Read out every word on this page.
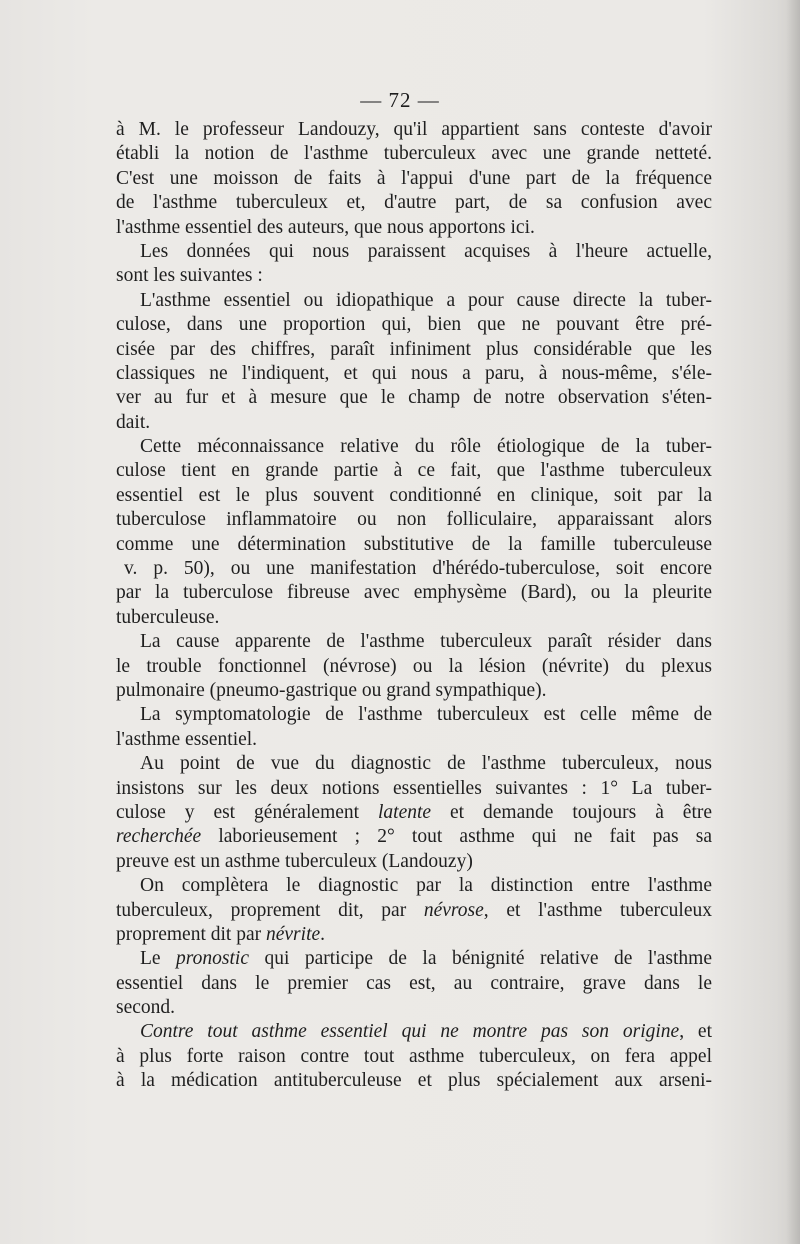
— 72 —
à M. le professeur Landouzy, qu'il appartient sans conteste d'avoir
établi la notion de l'asthme tuberculeux avec une grande netteté.
C'est une moisson de faits à l'appui d'une part de la fréquence
de l'asthme tuberculeux et, d'autre part, de sa confusion avec
l'asthme essentiel des auteurs, que nous apportons ici.
Les données qui nous paraissent acquises à l'heure actuelle,
sont les suivantes :
L'asthme essentiel ou idiopathique a pour cause directe la tuber-
culose, dans une proportion qui, bien que ne pouvant être pré-
cisée par des chiffres, paraît infiniment plus considérable que les
classiques ne l'indiquent, et qui nous a paru, à nous-même, s'éle-
ver au fur et à mesure que le champ de notre observation s'éten-
dait.
Cette méconnaissance relative du rôle étiologique de la tuber-
culose tient en grande partie à ce fait, que l'asthme tuberculeux
essentiel est le plus souvent conditionné en clinique, soit par la
tuberculose inflammatoire ou non folliculaire, apparaissant alors
comme une détermination substitutive de la famille tuberculeuse
v. p. 50), ou une manifestation d'hérédo-tuberculose, soit encore
par la tuberculose fibreuse avec emphysème (Bard), ou la pleurite
tuberculeuse.
La cause apparente de l'asthme tuberculeux paraît résider dans
le trouble fonctionnel (névrose) ou la lésion (névrite) du plexus
pulmonaire (pneumo-gastrique ou grand sympathique).
La symptomatologie de l'asthme tuberculeux est celle même de
l'asthme essentiel.
Au point de vue du diagnostic de l'asthme tuberculeux, nous
insistons sur les deux notions essentielles suivantes : 1° La tuber-
culose y est généralement latente et demande toujours à être
recherchée laborieusement ; 2° tout asthme qui ne fait pas sa
preuve est un asthme tuberculeux (Landouzy)
On complètera le diagnostic par la distinction entre l'asthme
tuberculeux, proprement dit, par névrose, et l'asthme tuberculeux
proprement dit par névrite.
Le pronostic qui participe de la bénignité relative de l'asthme
essentiel dans le premier cas est, au contraire, grave dans le
second.
Contre tout asthme essentiel qui ne montre pas son origine, et
à plus forte raison contre tout asthme tuberculeux, on fera appel
à la médication antituberculeuse et plus spécialement aux arseni-
